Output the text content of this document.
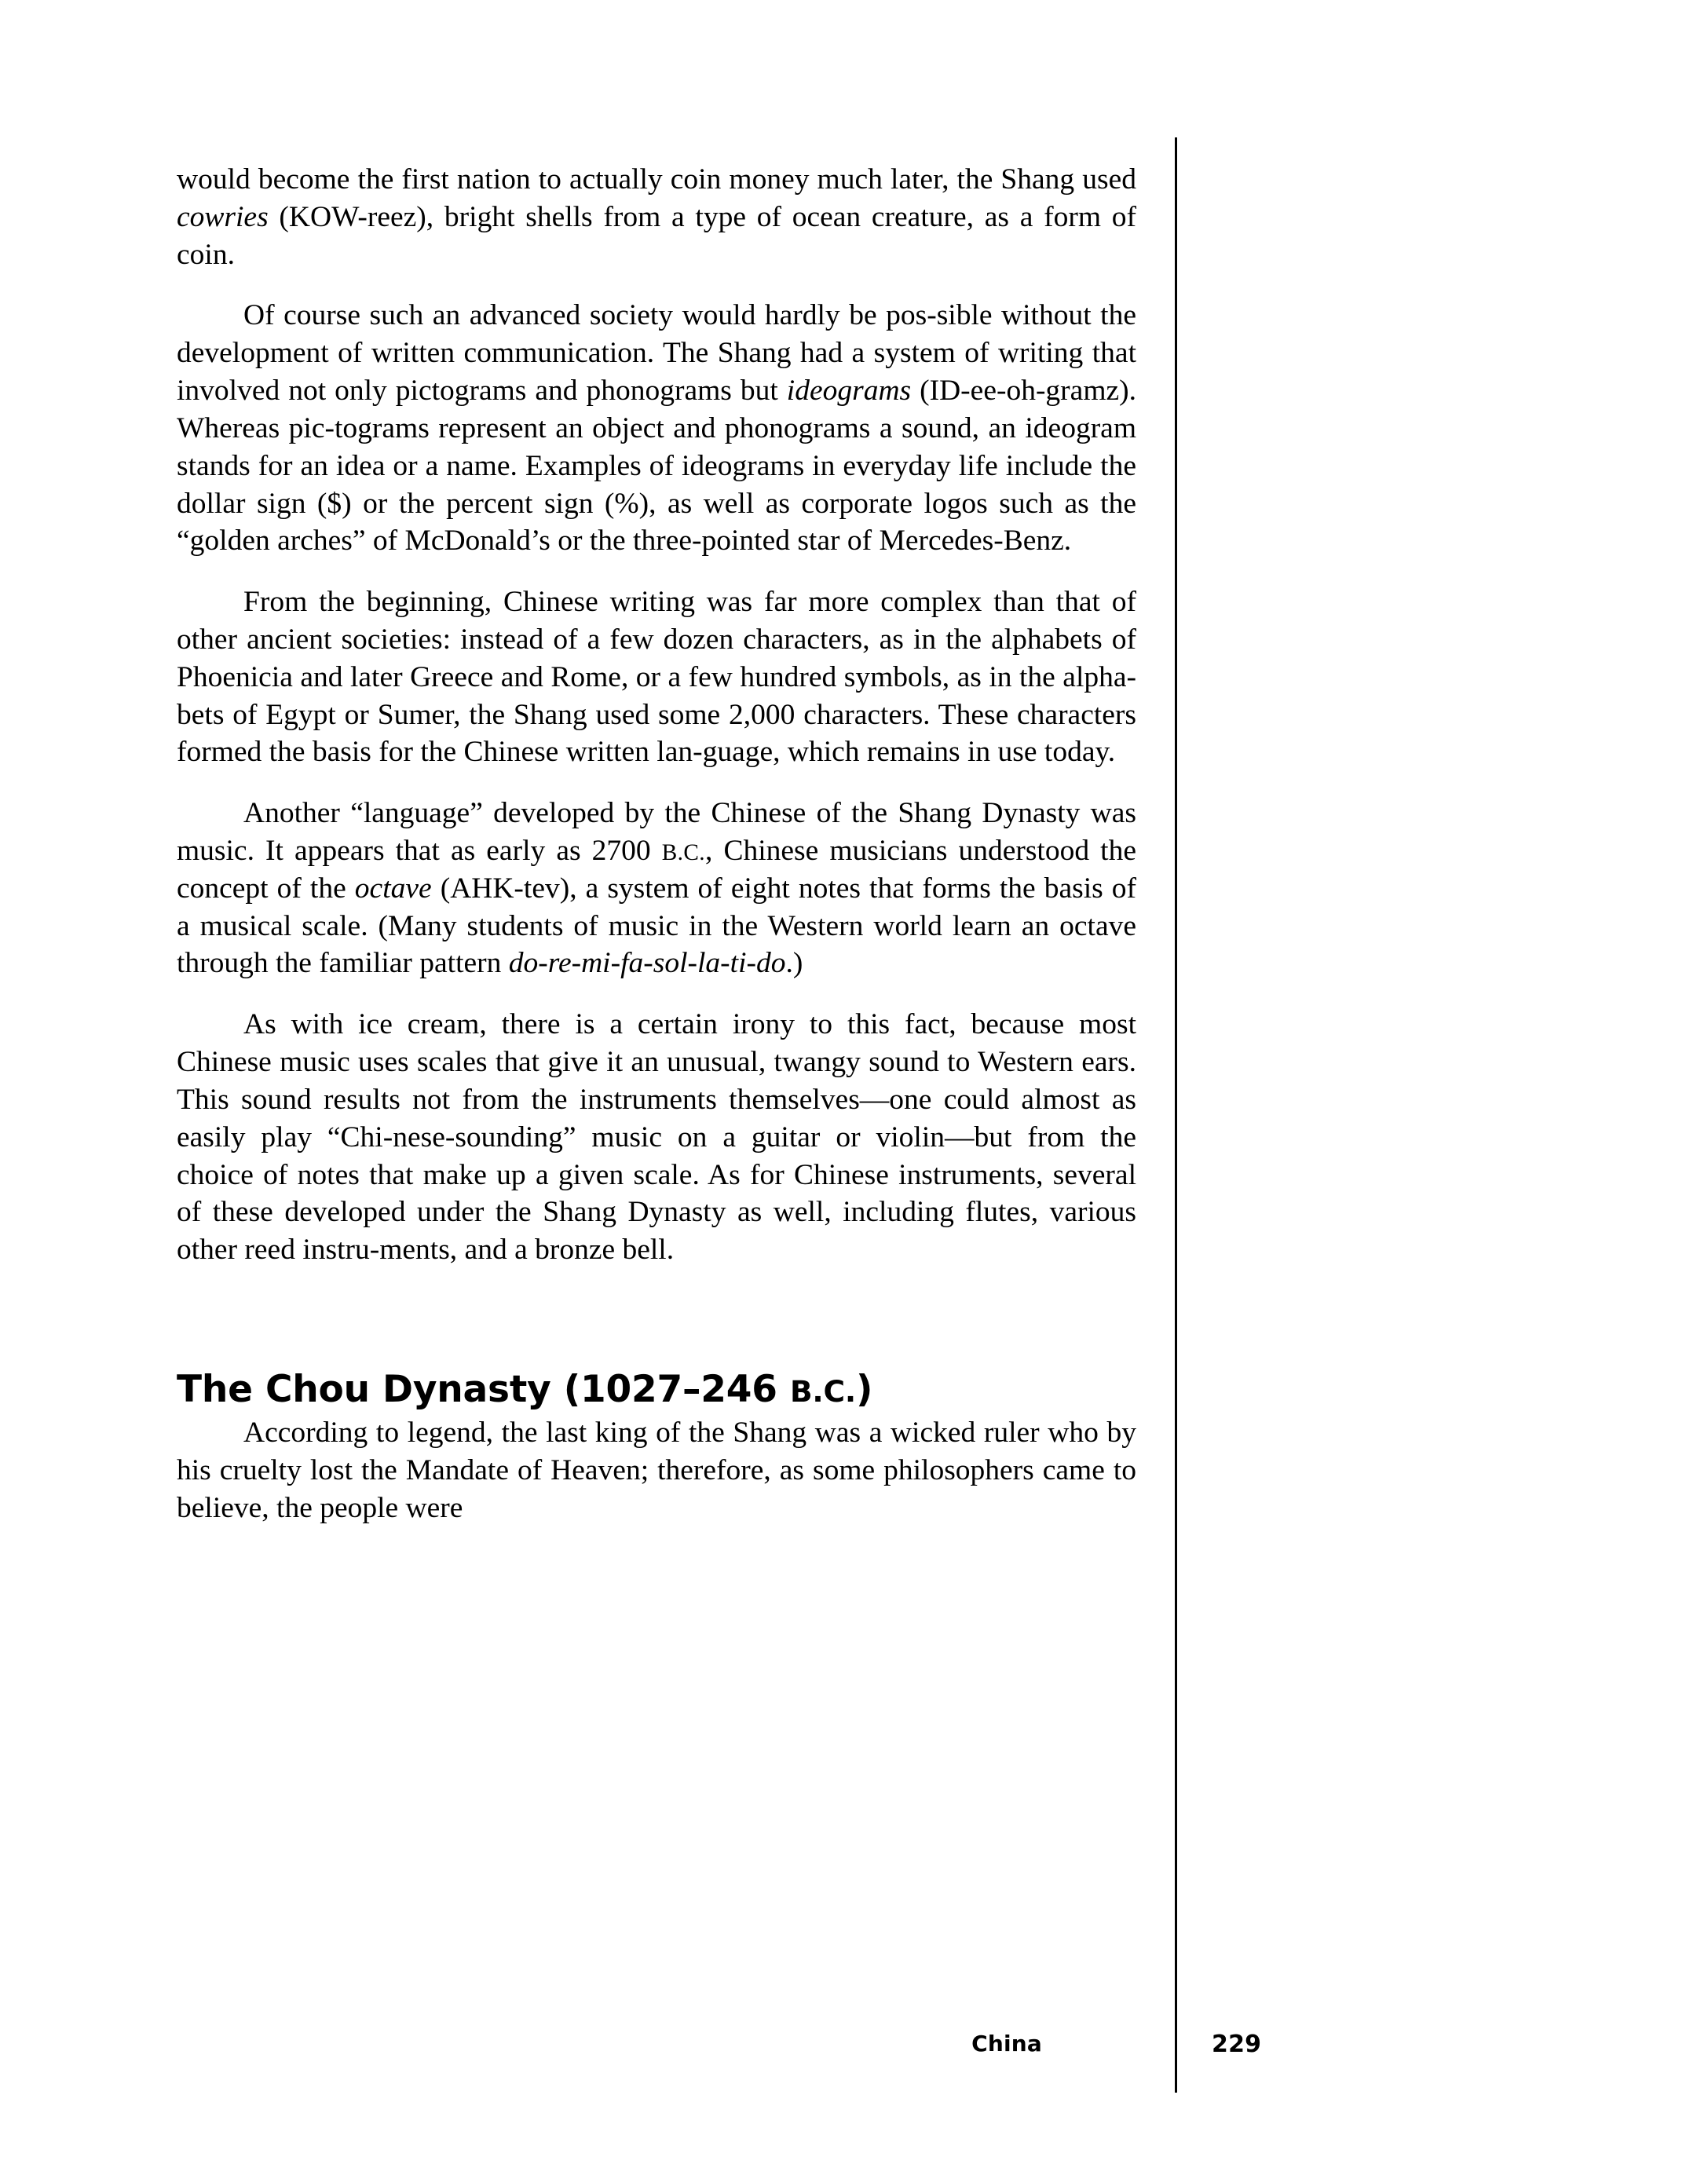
would become the first nation to actually coin money much later, the Shang used cowries (KOW-reez), bright shells from a type of ocean creature, as a form of coin.

Of course such an advanced society would hardly be pos-sible without the development of written communication. The Shang had a system of writing that involved not only pictograms and phonograms but ideograms (ID-ee-oh-gramz). Whereas pic-tograms represent an object and phonograms a sound, an ideogram stands for an idea or a name. Examples of ideograms in everyday life include the dollar sign ($) or the percent sign (%), as well as corporate logos such as the “golden arches” of McDonald’s or the three-pointed star of Mercedes-Benz.

From the beginning, Chinese writing was far more complex than that of other ancient societies: instead of a few dozen characters, as in the alphabets of Phoenicia and later Greece and Rome, or a few hundred symbols, as in the alpha-bets of Egypt or Sumer, the Shang used some 2,000 characters. These characters formed the basis for the Chinese written lan-guage, which remains in use today.

Another “language” developed by the Chinese of the Shang Dynasty was music. It appears that as early as 2700 B.C., Chinese musicians understood the concept of the octave (AHK-tev), a system of eight notes that forms the basis of a musical scale. (Many students of music in the Western world learn an octave through the familiar pattern do-re-mi-fa-sol-la-ti-do.)

As with ice cream, there is a certain irony to this fact, because most Chinese music uses scales that give it an unusual, twangy sound to Western ears. This sound results not from the instruments themselves—one could almost as easily play “Chi-nese-sounding” music on a guitar or violin—but from the choice of notes that make up a given scale. As for Chinese instruments, several of these developed under the Shang Dynasty as well, including flutes, various other reed instru-ments, and a bronze bell.

The Chou Dynasty (1027–246 B.C.)

According to legend, the last king of the Shang was a wicked ruler who by his cruelty lost the Mandate of Heaven; therefore, as some philosophers came to believe, the people were

China	229
